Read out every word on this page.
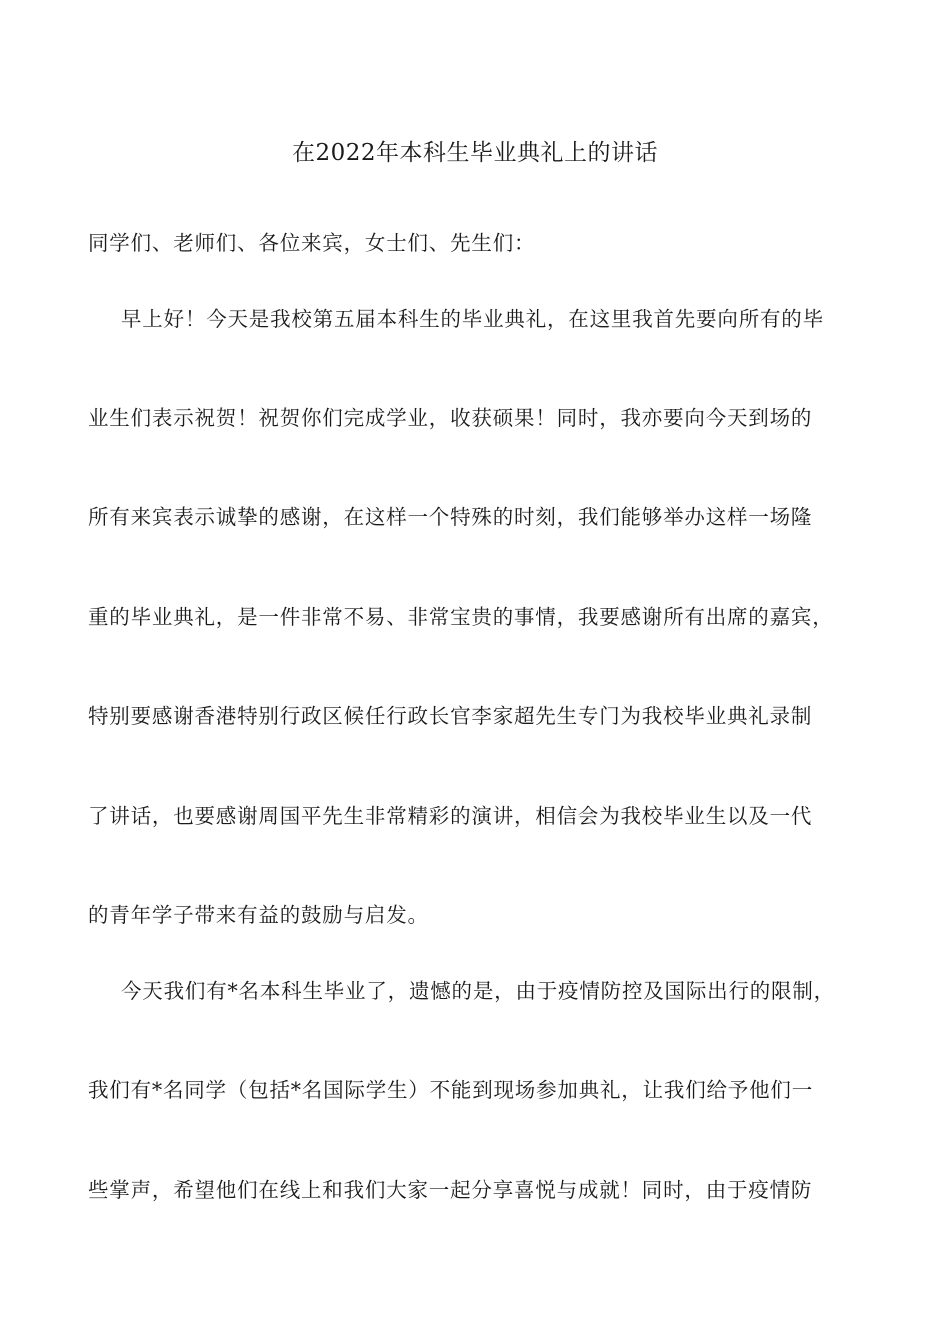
在2022年本科生毕业典礼上的讲话
同学们、老师们、各位来宾，女士们、先生们：
早上好！今天是我校第五届本科生的毕业典礼，在这里我首先要向所有的毕
业生们表示祝贺！祝贺你们完成学业，收获硕果！同时，我亦要向今天到场的
所有来宾表示诚挚的感谢，在这样一个特殊的时刻，我们能够举办这样一场隆
重的毕业典礼，是一件非常不易、非常宝贵的事情，我要感谢所有出席的嘉宾，
特别要感谢香港特别行政区候任行政长官李家超先生专门为我校毕业典礼录制
了讲话，也要感谢周国平先生非常精彩的演讲，相信会为我校毕业生以及一代
的青年学子带来有益的鼓励与启发。
今天我们有*名本科生毕业了，遗憾的是，由于疫情防控及国际出行的限制，
我们有*名同学（包括*名国际学生）不能到现场参加典礼，让我们给予他们一
些掌声，希望他们在线上和我们大家一起分享喜悦与成就！同时，由于疫情防
